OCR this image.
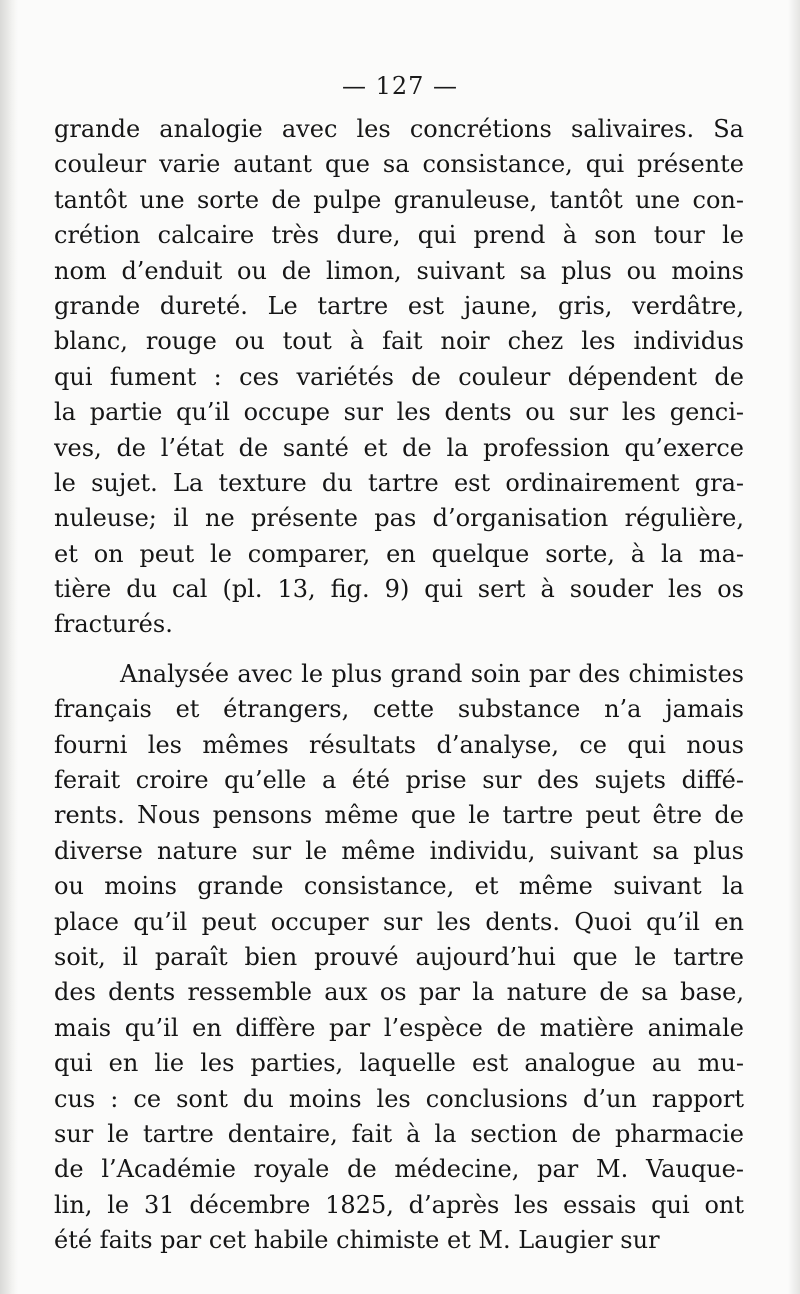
— 127 —
grande analogie avec les concrétions salivaires. Sa
couleur varie autant que sa consistance, qui présente
tantôt une sorte de pulpe granuleuse, tantôt une con-
crétion calcaire très dure, qui prend à son tour le
nom d’enduit ou de limon, suivant sa plus ou moins
grande dureté. Le tartre est jaune, gris, verdâtre,
blanc, rouge ou tout à fait noir chez les individus
qui fument : ces variétés de couleur dépendent de
la partie qu’il occupe sur les dents ou sur les genci-
ves, de l’état de santé et de la profession qu’exerce
le sujet. La texture du tartre est ordinairement gra-
nuleuse; il ne présente pas d’organisation régulière,
et on peut le comparer, en quelque sorte, à la ma-
tière du cal (pl. 13, fig. 9) qui sert à souder les os
fracturés.
Analysée avec le plus grand soin par des chimistes
français et étrangers, cette substance n’a jamais
fourni les mêmes résultats d’analyse, ce qui nous
ferait croire qu’elle a été prise sur des sujets diffé-
rents. Nous pensons même que le tartre peut être de
diverse nature sur le même individu, suivant sa plus
ou moins grande consistance, et même suivant la
place qu’il peut occuper sur les dents. Quoi qu’il en
soit, il paraît bien prouvé aujourd’hui que le tartre
des dents ressemble aux os par la nature de sa base,
mais qu’il en diffère par l’espèce de matière animale
qui en lie les parties, laquelle est analogue au mu-
cus : ce sont du moins les conclusions d’un rapport
sur le tartre dentaire, fait à la section de pharmacie
de l’Académie royale de médecine, par M. Vauque-
lin, le 31 décembre 1825, d’après les essais qui ont
été faits par cet habile chimiste et M. Laugier sur
